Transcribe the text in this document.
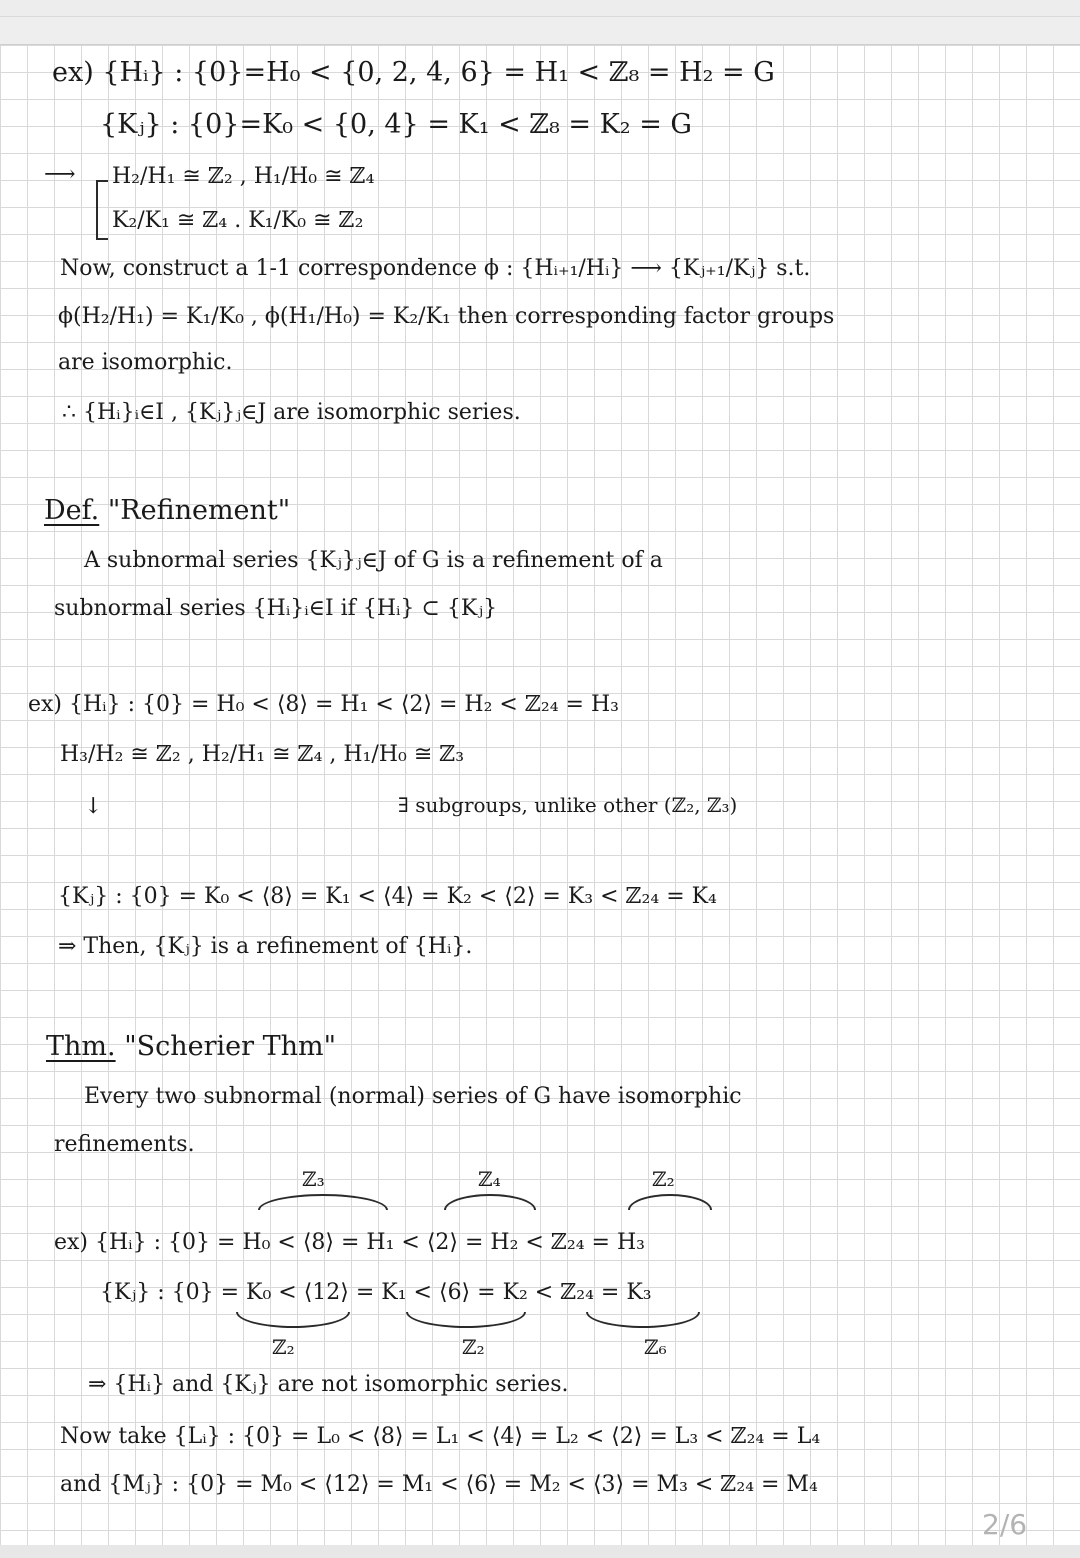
ex) {Hᵢ} : {0}=H₀ < {0, 2, 4, 6} = H₁ < ℤ₈ = H₂ = G
{Kⱼ} : {0}=K₀ < {0, 4} = K₁ < ℤ₈ = K₂ = G
⟶ H₂/H₁ ≅ ℤ₂ , H₁/H₀ ≅ ℤ₄
K₂/K₁ ≅ ℤ₄ . K₁/K₀ ≅ ℤ₂
Now, construct a 1-1 correspondence ϕ : {Hᵢ₊₁/Hᵢ} ⟶ {Kⱼ₊₁/Kⱼ} s.t.
ϕ(H₂/H₁) = K₁/K₀ , ϕ(H₁/H₀) = K₂/K₁ then corresponding factor groups
are isomorphic.
∴ {Hᵢ}ᵢ∈I , {Kⱼ}ⱼ∈J are isomorphic series.
Def. "Refinement"
A subnormal series {Kⱼ}ⱼ∈J of G is a refinement of a
subnormal series {Hᵢ}ᵢ∈I if {Hᵢ} ⊂ {Kⱼ}
ex) {Hᵢ} : {0} = H₀ < ⟨8⟩ = H₁ < ⟨2⟩ = H₂ < ℤ₂₄ = H₃
H₃/H₂ ≅ ℤ₂ , H₂/H₁ ≅ ℤ₄ , H₁/H₀ ≅ ℤ₃
↓	∃ subgroups, unlike other (ℤ₂, ℤ₃)
{Kⱼ} : {0} = K₀ < ⟨8⟩ = K₁ < ⟨4⟩ = K₂ < ⟨2⟩ = K₃ < ℤ₂₄ = K₄
⇒ Then, {Kⱼ} is a refinement of {Hᵢ}.
Thm. "Scherier Thm"
Every two subnormal (normal) series of G have isomorphic
refinements.
ℤ₃	ℤ₄	ℤ₂
ex) {Hᵢ} : {0} = H₀ < ⟨8⟩ = H₁ < ⟨2⟩ = H₂ < ℤ₂₄ = H₃
{Kⱼ} : {0} = K₀ < ⟨12⟩ = K₁ < ⟨6⟩ = K₂ < ℤ₂₄ = K₃
ℤ₂	ℤ₂	ℤ₆
⇒ {Hᵢ} and {Kⱼ} are not isomorphic series.
Now take {Lᵢ} : {0} = L₀ < ⟨8⟩ = L₁ < ⟨4⟩ = L₂ < ⟨2⟩ = L₃ < ℤ₂₄ = L₄
and {Mⱼ} : {0} = M₀ < ⟨12⟩ = M₁ < ⟨6⟩ = M₂ < ⟨3⟩ = M₃ < ℤ₂₄ = M₄
2/6
